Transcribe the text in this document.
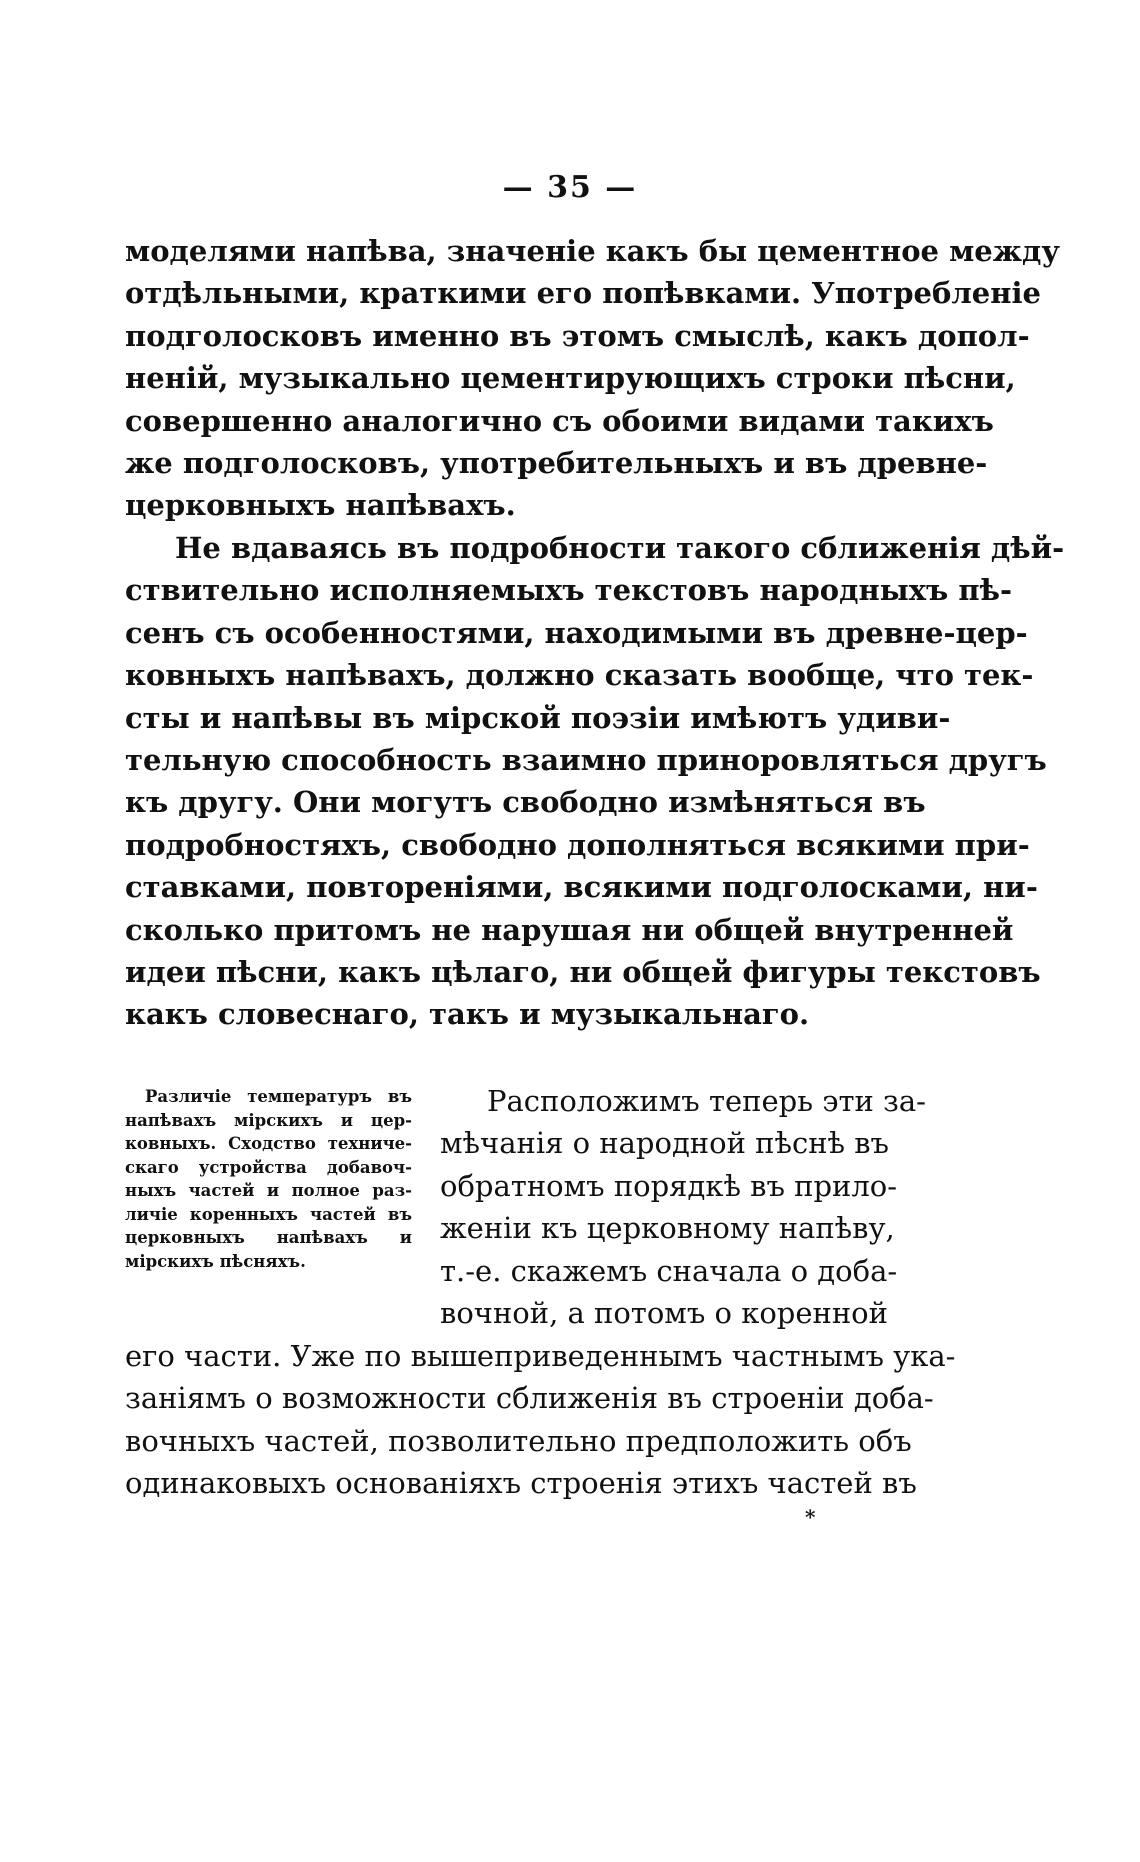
— 35 —
моделями напѣва, значеніе какъ бы цементное между
отдѣльными, краткими его попѣвками. Употребленіе
подголосковъ именно въ этомъ смыслѣ, какъ допол-
неній, музыкально цементирующихъ строки пѣсни,
совершенно аналогично съ обоими видами такихъ
же подголосковъ, употребительныхъ и въ древне-
церковныхъ напѣвахъ.
Не вдаваясь въ подробности такого сближенія дѣй-
ствительно исполняемыхъ текстовъ народныхъ пѣ-
сенъ съ особенностями, находимыми въ древне-цер-
ковныхъ напѣвахъ, должно сказать вообще, что тек-
сты и напѣвы въ мірской поэзіи имѣютъ удиви-
тельную способность взаимно приноровляться другъ
къ другу. Они могутъ свободно измѣняться въ
подробностяхъ, свободно дополняться всякими при-
ставками, повтореніями, всякими подголосками, ни-
сколько притомъ не нарушая ни общей внутренней
идеи пѣсни, какъ цѣлаго, ни общей фигуры текстовъ
какъ словеснаго, такъ и музыкальнаго.
Различіе температуръ въ
напѣвахъ мірскихъ и цер-
ковныхъ. Сходство техниче-
скаго устройства добавоч-
ныхъ частей и полное раз-
личіе коренныхъ частей въ
церковныхъ напѣвахъ и
мірскихъ пѣсняхъ.
Расположимъ теперь эти за-
мѣчанія о народной пѣснѣ въ
обратномъ порядкѣ въ прило-
женіи къ церковному напѣву,
т.-е. скажемъ сначала о доба-
вочной, а потомъ о коренной
его части. Уже по вышеприведеннымъ частнымъ ука-
заніямъ о возможности сближенія въ строеніи доба-
вочныхъ частей, позволительно предположить объ
одинаковыхъ основаніяхъ строенія этихъ частей въ
*
